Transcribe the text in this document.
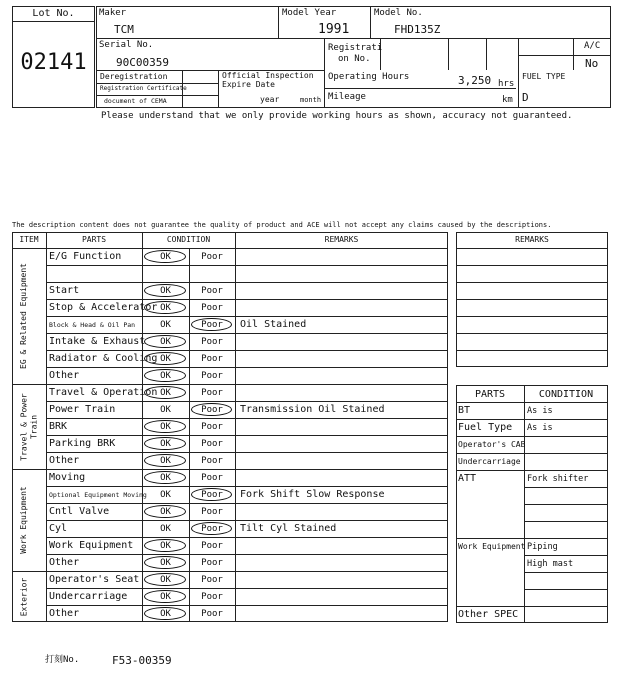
Lot No.
02141
Maker
TCM
Model Year
1991
Model No.
FHD135Z
Serial No.
90C00359
Registrati
on No.
A/C
No
Deregistration
Registration Certificate
document of CEMA
Official Inspection
Expire Date
year	month
Operating Hours	3,250 hrs
Mileage	km
FUEL TYPE
D
Please understand that we only provide working hours as shown, accuracy not guaranteed.
The description content does not guarantee the quality of product and ACE will not accept any claims caused by the descriptions.
ITEM	PARTS	CONDITION	REMARKS
EG & Related Equipment
E/G Function	OK	Poor
Start	OK	Poor
Stop & Accelerator OK	Poor
Block & Head & Oil Pan	OK	Poor	Oil Stained
Intake & Exhaust	OK	Poor
Radiator & Cooling OK	Poor
Other	OK	Poor
Travel & Power Train
Travel & Operation OK	Poor
Power Train	OK	Poor	Transmission Oil Stained
BRK	OK	Poor
Parking BRK	OK	Poor
Other	OK	Poor
Work Equipment
Moving	OK	Poor
Optional Equipment Moving	OK	Poor	Fork Shift Slow Response
Cntl Valve	OK	Poor
Cyl	OK	Poor	Tilt Cyl Stained
Work Equipment	OK	Poor
Other	OK	Poor
Exterior	Operator's Seat	OK	Poor
Undercarriage	OK	Poor
Other	OK	Poor
REMARKS
PARTS	CONDITION
BT	As is
Fuel Type As is
Operator's CAB
Undercarriage
ATT	Fork shifter
Work Equipment Piping
High mast
Other SPEC
打刻No.	F53-00359
